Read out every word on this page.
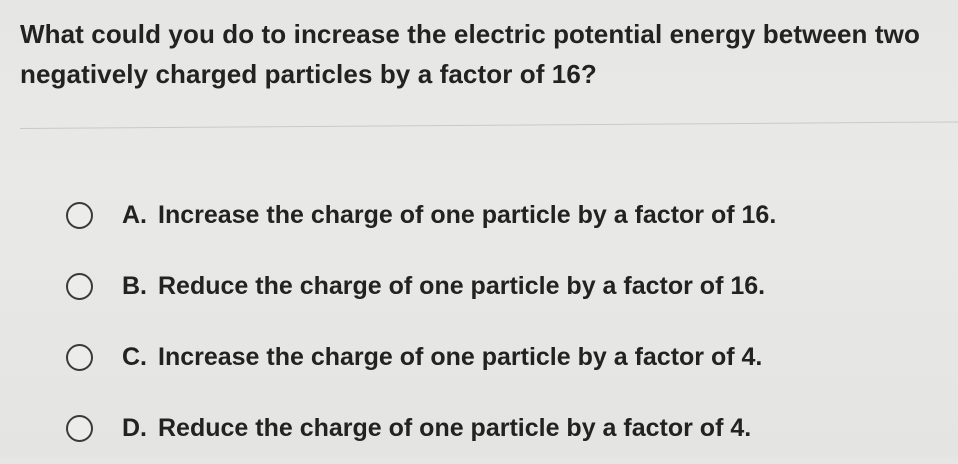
What could you do to increase the electric potential energy between two negatively charged particles by a factor of 16?
A. Increase the charge of one particle by a factor of 16.
B. Reduce the charge of one particle by a factor of 16.
C. Increase the charge of one particle by a factor of 4.
D. Reduce the charge of one particle by a factor of 4.
